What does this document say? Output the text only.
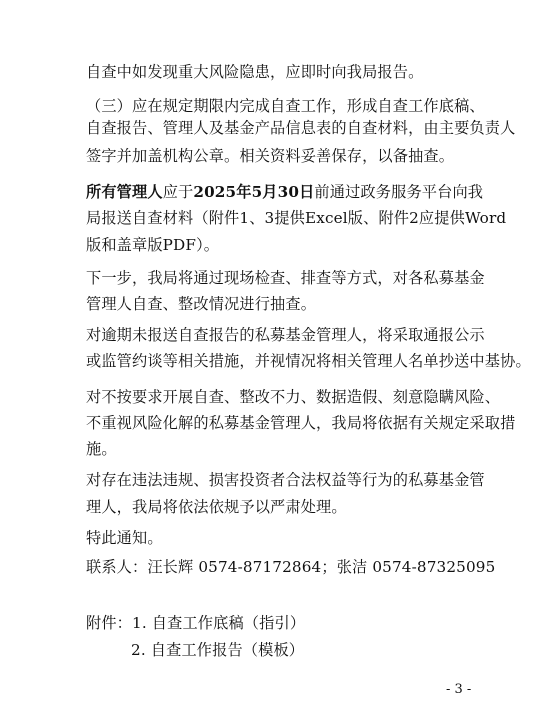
自查中如发现重大风险隐患，应即时向我局报告。
（三）应在规定期限内完成自查工作，形成自查工作底稿、
自查报告、管理人及基金产品信息表的自查材料，由主要负责人
签字并加盖机构公章。相关资料妥善保存，以备抽查。
所有管理人应于2025年5月30日前通过政务服务平台向我
局报送自查材料（附件1、3提供Excel版、附件2应提供Word
版和盖章版PDF）。
下一步，我局将通过现场检查、排查等方式，对各私募基金
管理人自查、整改情况进行抽查。
对逾期未报送自查报告的私募基金管理人，将采取通报公示
或监管约谈等相关措施，并视情况将相关管理人名单抄送中基协。
对不按要求开展自查、整改不力、数据造假、刻意隐瞒风险、
不重视风险化解的私募基金管理人，我局将依据有关规定采取措
施。
对存在违法违规、损害投资者合法权益等行为的私募基金管
理人，我局将依法依规予以严肃处理。
特此通知。
联系人：汪长辉 0574-87172864；张洁 0574-87325095
附件：1. 自查工作底稿（指引）
2. 自查工作报告（模板）
- 3 -
